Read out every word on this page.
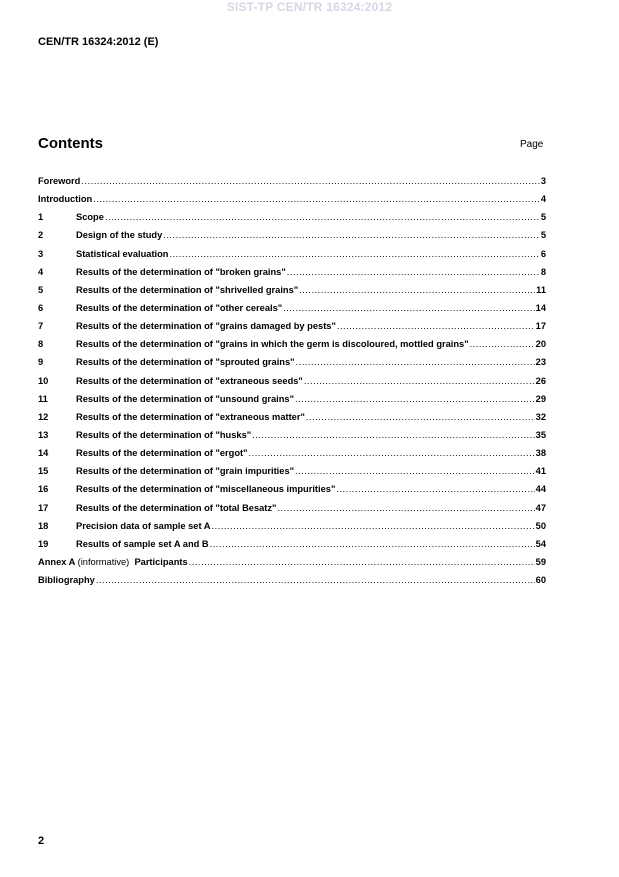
SIST-TP CEN/TR 16324:2012
CEN/TR 16324:2012 (E)
Contents	Page
Foreword .....	3
Introduction .....	4
1	Scope .....	5
2	Design of the study .....	5
3	Statistical evaluation .....	6
4	Results of the determination of "broken grains" .....	8
5	Results of the determination of "shrivelled grains" .....	11
6	Results of the determination of "other cereals" .....	14
7	Results of the determination of "grains damaged by pests" .....	17
8	Results of the determination of "grains in which the germ is discoloured, mottled grains" .....	20
9	Results of the determination of "sprouted grains" .....	23
10	Results of the determination of "extraneous seeds" .....	26
11	Results of the determination of "unsound grains" .....	29
12	Results of the determination of "extraneous matter" .....	32
13	Results of the determination of "husks" .....	35
14	Results of the determination of "ergot" .....	38
15	Results of the determination of "grain impurities" .....	41
16	Results of the determination of "miscellaneous impurities" .....	44
17	Results of the determination of "total Besatz" .....	47
18	Precision data of sample set A .....	50
19	Results of sample set A and B .....	54
Annex A (informative)  Participants .....	59
Bibliography .....	60
2
